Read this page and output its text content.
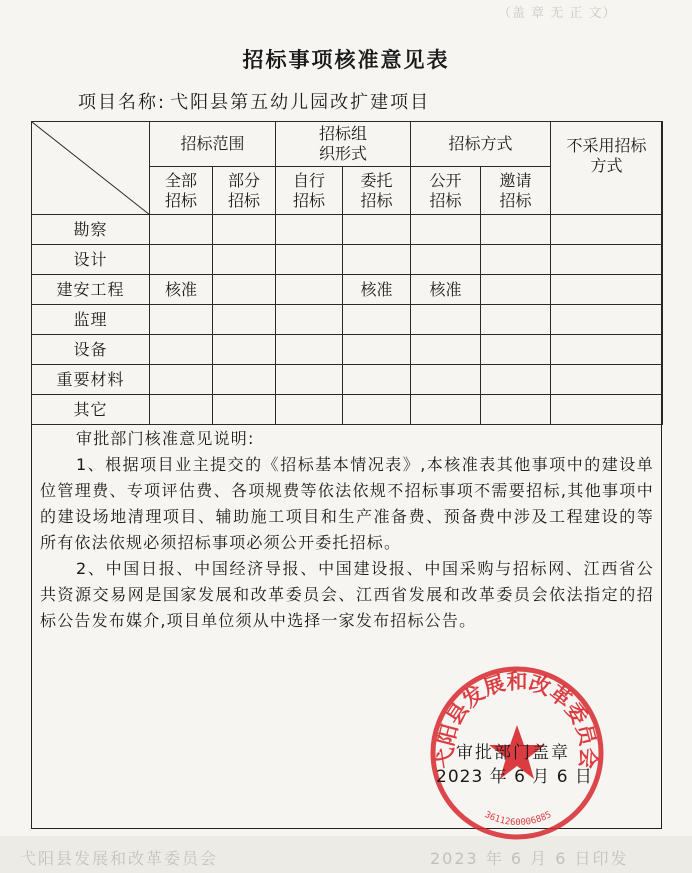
（盖 章 无 正 文）
弋阳县发展和改革委员会	2023 年 6 月 6 日印发
招标事项核准意见表
项目名称: 弋阳县第五幼儿园改扩建项目
	招标范围		招标组织形式		招标方式		不采用招标方式
	全部招标	部分招标	自行招标	委托招标	公开招标	邀请招标	
勘察							
设计							
建安工程	核准			核准	核准		
监理							
设备							
重要材料							
其它							
审批部门核准意见说明:

1、根据项目业主提交的《招标基本情况表》,本核准表其他事项中的建设单位管理费、专项评估费、各项规费等依法依规不招标事项不需要招标,其他事项中的建设场地清理项目、辅助施工项目和生产准备费、预备费中涉及工程建设的等所有依法依规必须招标事项必须公开委托招标。

2、中国日报、中国经济导报、中国建设报、中国采购与招标网、江西省公共资源交易网是国家发展和改革委员会、江西省发展和改革委员会依法指定的招标公告发布媒介,项目单位须从中选择一家发布招标公告。

弋阳县发展和改革委员会
3611260006885
审批部门盖章
2023 年 6 月 6 日
